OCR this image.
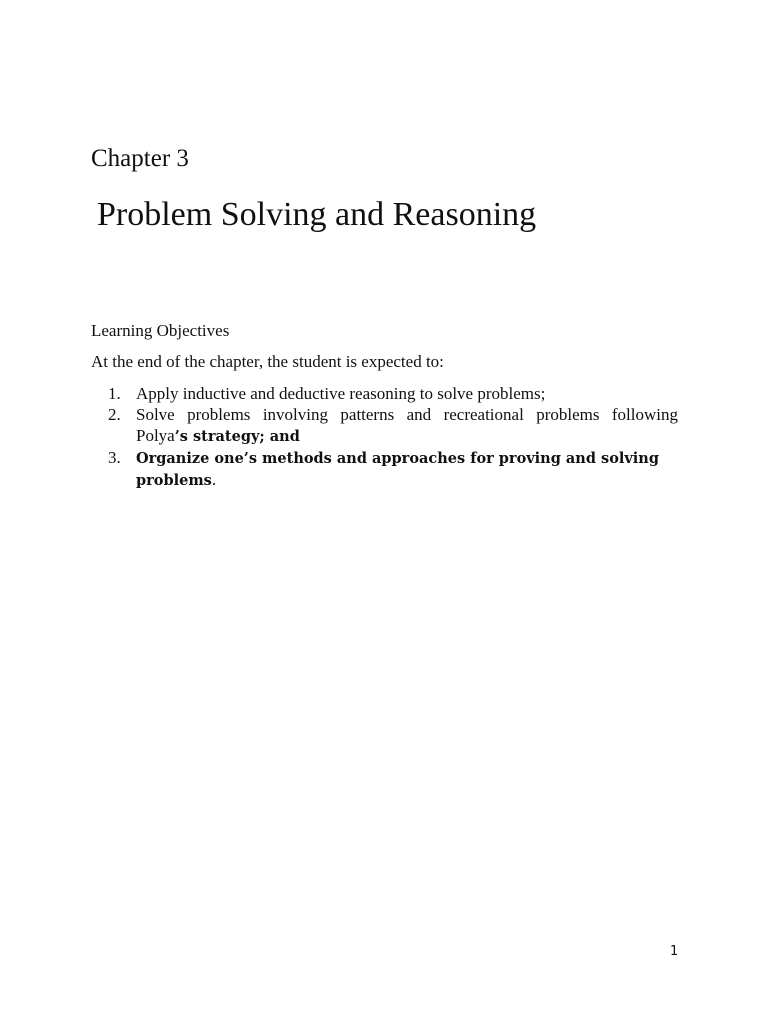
Chapter 3
Problem Solving and Reasoning
Learning Objectives
At the end of the chapter, the student is expected to:
1. Apply inductive and deductive reasoning to solve problems;
2. Solve problems involving patterns and recreational problems following
Polya’s strategy; and
3. Organize one’s methods and approaches for proving and solving problems.
1
